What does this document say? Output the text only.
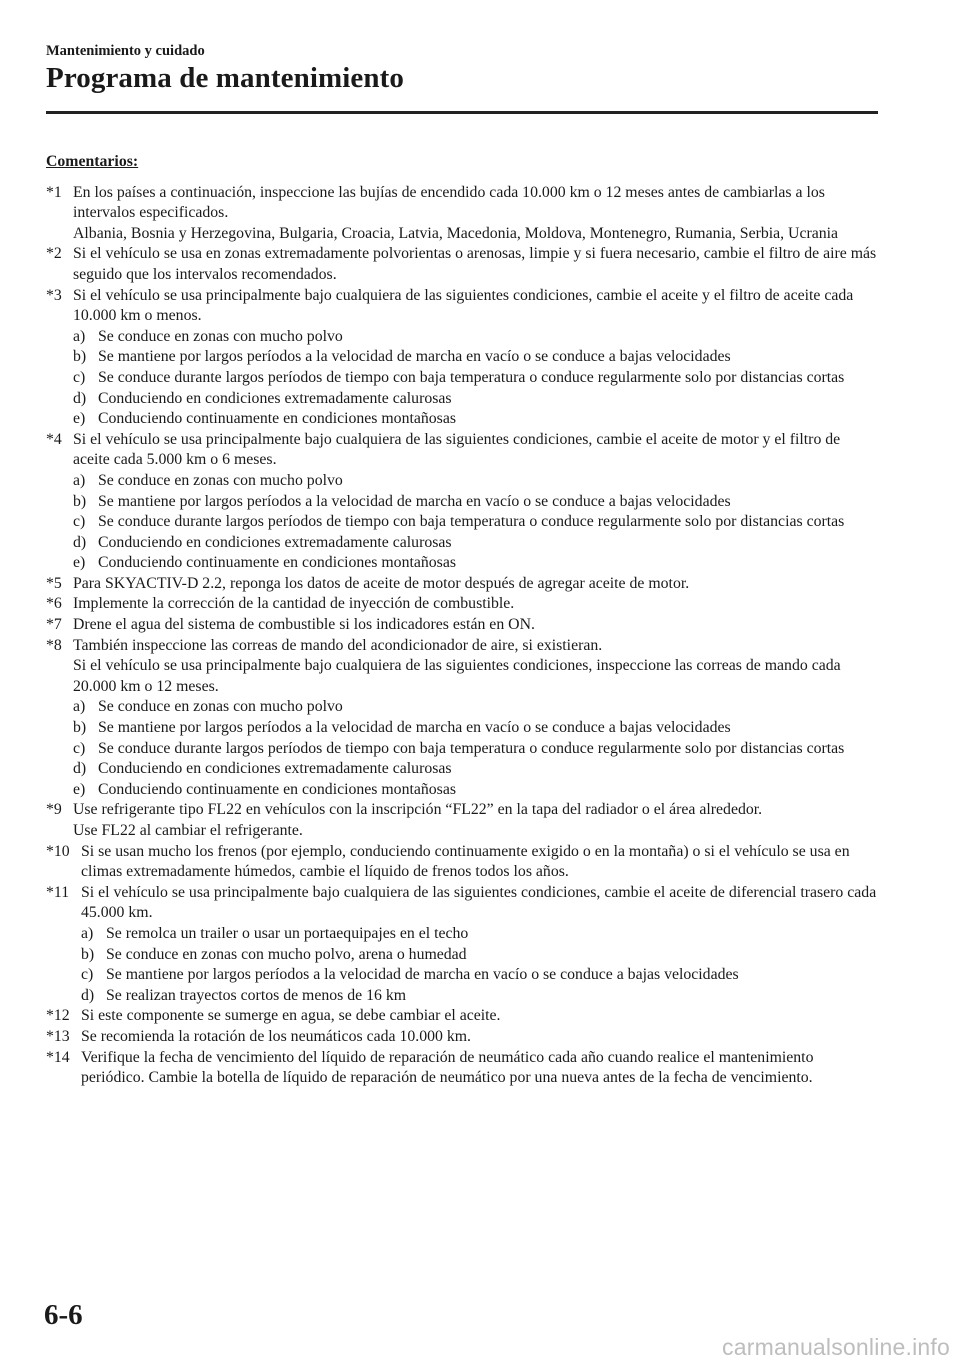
Mantenimiento y cuidado
Programa de mantenimiento
Comentarios:
*1 En los países a continuación, inspeccione las bujías de encendido cada 10.000 km o 12 meses antes de cambiarlas a los intervalos especificados.
Albania, Bosnia y Herzegovina, Bulgaria, Croacia, Latvia, Macedonia, Moldova, Montenegro, Rumania, Serbia, Ucrania
*2 Si el vehículo se usa en zonas extremadamente polvorientas o arenosas, limpie y si fuera necesario, cambie el filtro de aire más seguido que los intervalos recomendados.
*3 Si el vehículo se usa principalmente bajo cualquiera de las siguientes condiciones, cambie el aceite y el filtro de aceite cada 10.000 km o menos.
a) Se conduce en zonas con mucho polvo
b) Se mantiene por largos períodos a la velocidad de marcha en vacío o se conduce a bajas velocidades
c) Se conduce durante largos períodos de tiempo con baja temperatura o conduce regularmente solo por distancias cortas
d) Conduciendo en condiciones extremadamente calurosas
e) Conduciendo continuamente en condiciones montañosas
*4 Si el vehículo se usa principalmente bajo cualquiera de las siguientes condiciones, cambie el aceite de motor y el filtro de aceite cada 5.000 km o 6 meses.
a) Se conduce en zonas con mucho polvo
b) Se mantiene por largos períodos a la velocidad de marcha en vacío o se conduce a bajas velocidades
c) Se conduce durante largos períodos de tiempo con baja temperatura o conduce regularmente solo por distancias cortas
d) Conduciendo en condiciones extremadamente calurosas
e) Conduciendo continuamente en condiciones montañosas
*5 Para SKYACTIV-D 2.2, reponga los datos de aceite de motor después de agregar aceite de motor.
*6 Implemente la corrección de la cantidad de inyección de combustible.
*7 Drene el agua del sistema de combustible si los indicadores están en ON.
*8 También inspeccione las correas de mando del acondicionador de aire, si existieran.
Si el vehículo se usa principalmente bajo cualquiera de las siguientes condiciones, inspeccione las correas de mando cada 20.000 km o 12 meses.
a) Se conduce en zonas con mucho polvo
b) Se mantiene por largos períodos a la velocidad de marcha en vacío o se conduce a bajas velocidades
c) Se conduce durante largos períodos de tiempo con baja temperatura o conduce regularmente solo por distancias cortas
d) Conduciendo en condiciones extremadamente calurosas
e) Conduciendo continuamente en condiciones montañosas
*9 Use refrigerante tipo FL22 en vehículos con la inscripción “FL22” en la tapa del radiador o el área alrededor.
Use FL22 al cambiar el refrigerante.
*10 Si se usan mucho los frenos (por ejemplo, conduciendo continuamente exigido o en la montaña) o si el vehículo se usa en climas extremadamente húmedos, cambie el líquido de frenos todos los años.
*11 Si el vehículo se usa principalmente bajo cualquiera de las siguientes condiciones, cambie el aceite de diferencial trasero cada 45.000 km.
a) Se remolca un trailer o usar un portaequipajes en el techo
b) Se conduce en zonas con mucho polvo, arena o humedad
c) Se mantiene por largos períodos a la velocidad de marcha en vacío o se conduce a bajas velocidades
d) Se realizan trayectos cortos de menos de 16 km
*12 Si este componente se sumerge en agua, se debe cambiar el aceite.
*13 Se recomienda la rotación de los neumáticos cada 10.000 km.
*14 Verifique la fecha de vencimiento del líquido de reparación de neumático cada año cuando realice el mantenimiento periódico. Cambie la botella de líquido de reparación de neumático por una nueva antes de la fecha de vencimiento.
6-6
carmanualsonline.info
